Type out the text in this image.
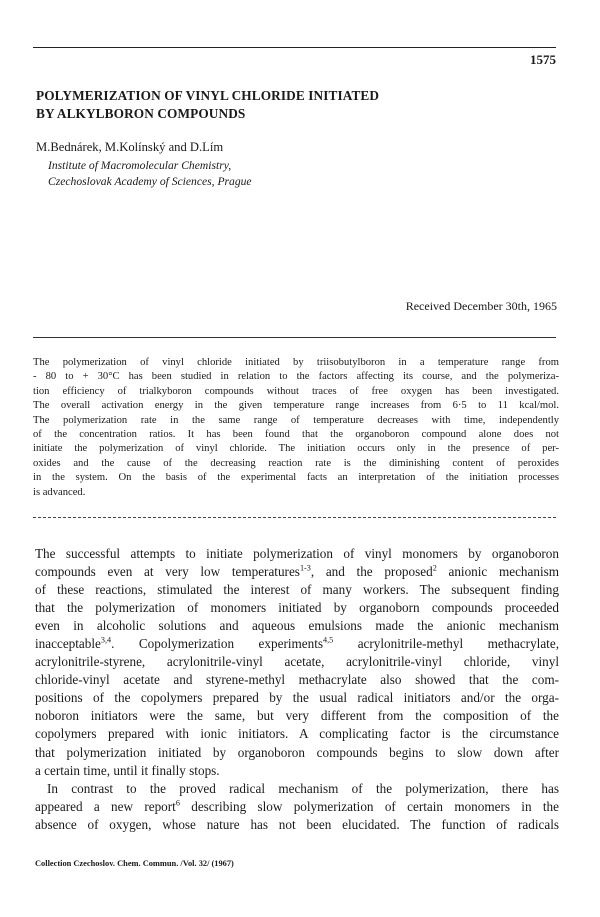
1575
POLYMERIZATION OF VINYL CHLORIDE INITIATED
BY ALKYLBORON COMPOUNDS
M.Bednárek, M.Kolínský and D.Lím
Institute of Macromolecular Chemistry,
Czechoslovak Academy of Sciences, Prague
Received December 30th, 1965
The polymerization of vinyl chloride initiated by triisobutylboron in a temperature range from
- 80 to + 30°C has been studied in relation to the factors affecting its course, and the polymeriza-
tion efficiency of trialkyboron compounds without traces of free oxygen has been investigated.
The overall activation energy in the given temperature range increases from 6·5 to 11 kcal/mol.
The polymerization rate in the same range of temperature decreases with time, independently
of the concentration ratios. It has been found that the organoboron compound alone does not
initiate the polymerization of vinyl chloride. The initiation occurs only in the presence of per-
oxides and the cause of the decreasing reaction rate is the diminishing content of peroxides
in the system. On the basis of the experimental facts an interpretation of the initiation processes
is advanced.
The successful attempts to initiate polymerization of vinyl monomers by organoboron
compounds even at very low temperatures$^{1-3}$, and the proposed$^2$ anionic mechanism
of these reactions, stimulated the interest of many workers. The subsequent finding
that the polymerization of monomers initiated by organoborn compounds proceeded
even in alcoholic solutions and aqueous emulsions made the anionic mechanism
inacceptable$^{3,4}$. Copolymerization experiments$^{4,5}$ acrylonitrile-methyl methacrylate,
acrylonitrile-styrene, acrylonitrile-vinyl acetate, acrylonitrile-vinyl chloride, vinyl
chloride-vinyl acetate and styrene-methyl methacrylate also showed that the com-
positions of the copolymers prepared by the usual radical initiators and/or the orga-
noboron initiators were the same, but very different from the composition of the
copolymers prepared with ionic initiators. A complicating factor is the circumstance
that polymerization initiated by organoboron compounds begins to slow down after
a certain time, until it finally stops.
In contrast to the proved radical mechanism of the polymerization, there has
appeared a new report$^6$ describing slow polymerization of certain monomers in the
absence of oxygen, whose nature has not been elucidated. The function of radicals
Collection Czechoslov. Chem. Commun. /Vol. 32/ (1967)
